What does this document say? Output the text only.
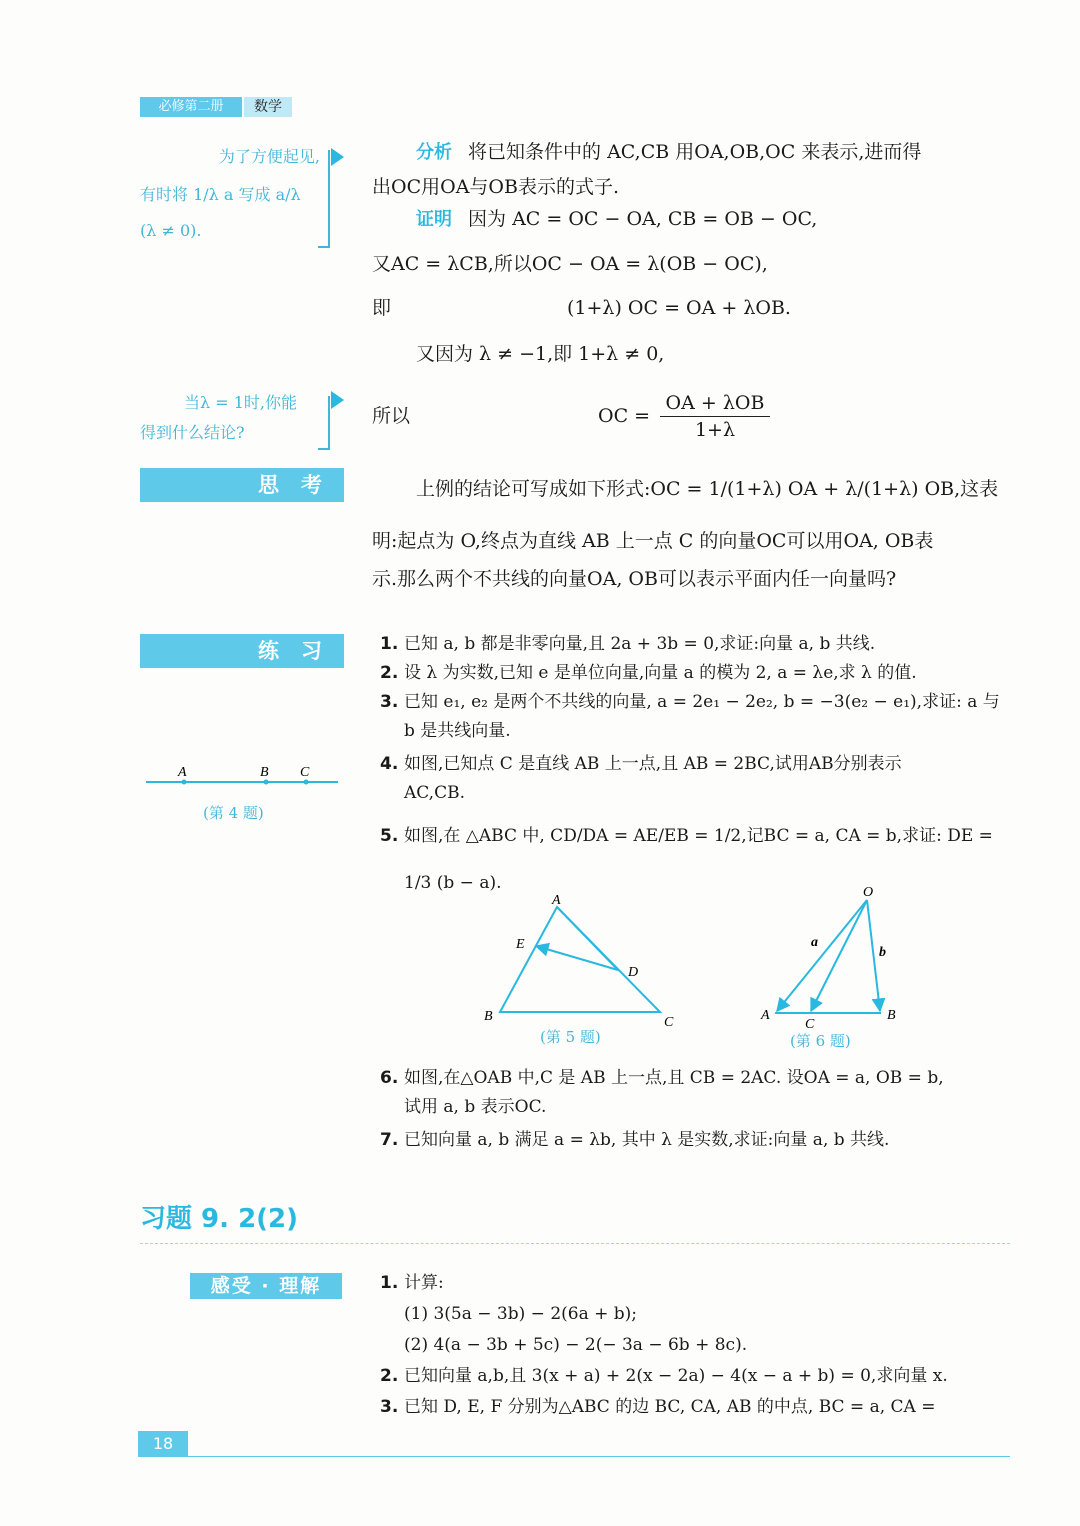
必修第二册	数学
为了方便起见,
有时将 1/λ a 写成 a/λ
(λ ≠ 0).
当λ = 1时,你能
得到什么结论?
思考
练习
感受 · 理解
分析 将已知条件中的 AC,CB 用OA,OB,OC 来表示,进而得
出OC用OA与OB表示的式子.
证明 因为 AC = OC − OA, CB = OB − OC,
又AC = λCB,所以OC − OA = λ(OB − OC),
即	(1+λ) OC = OA + λOB.
又因为 λ ≠ −1,即 1+λ ≠ 0,
所以	OC =
OA + λOB
1+λ
上例的结论可写成如下形式:OC = 1/(1+λ) OA + λ/(1+λ) OB,这表
明:起点为 O,终点为直线 AB 上一点 C 的向量OC可以用OA, OB表
示.那么两个不共线的向量OA, OB可以表示平面内任一向量吗?
1. 已知 a, b 都是非零向量,且 2a + 3b = 0,求证:向量 a, b 共线.
2. 设 λ 为实数,已知 e 是单位向量,向量 a 的模为 2, a = λe,求 λ 的值.
3. 已知 e₁, e₂ 是两个不共线的向量, a = 2e₁ − 2e₂, b = −3(e₂ − e₁),求证: a 与
b 是共线向量.
4. 如图,已知点 C 是直线 AB 上一点,且 AB = 2BC,试用AB分别表示
AC,CB.
5. 如图,在 △ABC 中, CD/DA = AE/EB = 1/2,记BC = a, CA = b,求证: DE =
1/3 (b − a).
6. 如图,在△OAB 中,C 是 AB 上一点,且 CB = 2AC. 设OA = a, OB = b,
试用 a, b 表示OC.
7. 已知向量 a, b 满足 a = λb, 其中 λ 是实数,求证:向量 a, b 共线.
A	B C
(第 4 题)
A
E
D
B	C
(第 5 题)
O
a
b
A
C
B
(第 6 题)
习题 9. 2(2)
1. 计算:
(1) 3(5a − 3b) − 2(6a + b);
(2) 4(a − 3b + 5c) − 2(− 3a − 6b + 8c).
2. 已知向量 a,b,且 3(x + a) + 2(x − 2a) − 4(x − a + b) = 0,求向量 x.
3. 已知 D, E, F 分别为△ABC 的边 BC, CA, AB 的中点, BC = a, CA =
18
